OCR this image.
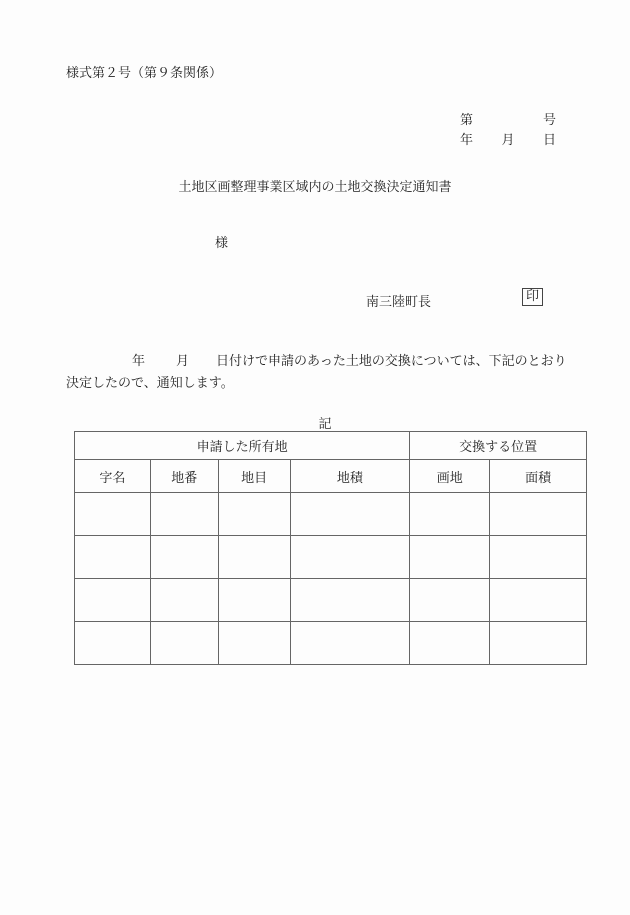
様式第２号（第９条関係）
第	号
年 月 日
土地区画整理事業区域内の土地交換決定通知書
様
南三陸町長	印
年 月 日付けで申請のあった土地の交換については、下記のとおり
決定したので、通知します。
記
申請した所有地				交換する位置	
字名	地番	地目	地積	画地	面積
